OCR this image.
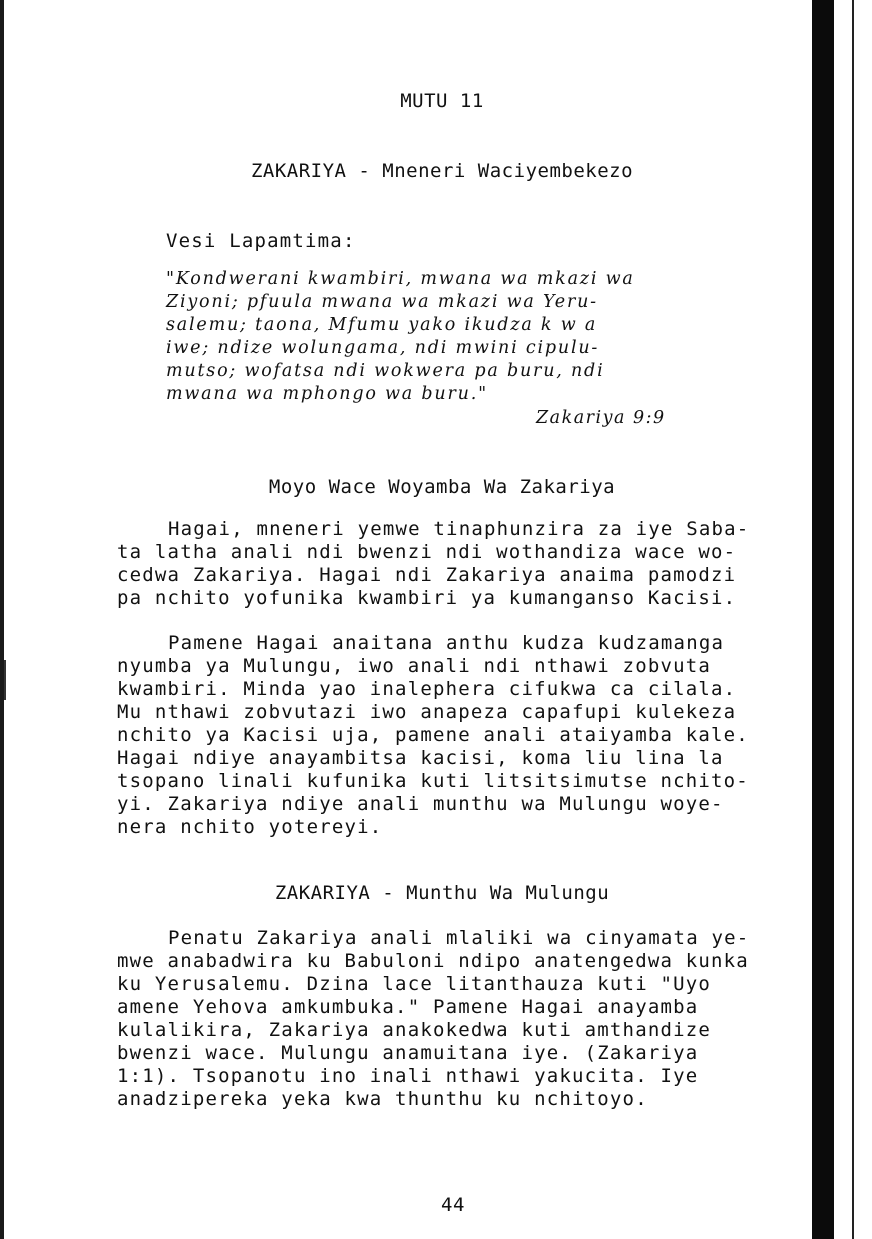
MUTU 11
ZAKARIYA - Mneneri Waciyembekezo
Vesi Lapamtima:
"Kondwerani kwambiri, mwana wa mkazi wa
Ziyoni; pfuula mwana wa mkazi wa Yeru-
salemu; taona, Mfumu yako ikudza k w a
iwe; ndize wolungama, ndi mwini cipulu-
mutso; wofatsa ndi wokwera pa buru, ndi
mwana wa mphongo wa buru."
Zakariya 9:9
Moyo Wace Woyamba Wa Zakariya
Hagai, mneneri yemwe tinaphunzira za iye Saba-
ta latha anali ndi bwenzi ndi wothandiza wace wo-
cedwa Zakariya. Hagai ndi Zakariya anaima pamodzi
pa nchito yofunika kwambiri ya kumanganso Kacisi.
Pamene Hagai anaitana anthu kudza kudzamanga
nyumba ya Mulungu, iwo anali ndi nthawi zobvuta
kwambiri. Minda yao inalephera cifukwa ca cilala.
Mu nthawi zobvutazi iwo anapeza capafupi kulekeza
nchito ya Kacisi uja, pamene anali ataiyamba kale.
Hagai ndiye anayambitsa kacisi, koma liu lina la
tsopano linali kufunika kuti litsitsimutse nchito-
yi. Zakariya ndiye anali munthu wa Mulungu woye-
nera nchito yotereyi.
ZAKARIYA - Munthu Wa Mulungu
Penatu Zakariya anali mlaliki wa cinyamata ye-
mwe anabadwira ku Babuloni ndipo anatengedwa kunka
ku Yerusalemu. Dzina lace litanthauza kuti "Uyo
amene Yehova amkumbuka." Pamene Hagai anayamba
kulalikira, Zakariya anakokedwa kuti amthandize
bwenzi wace. Mulungu anamuitana iye. (Zakariya
1:1). Tsopanotu ino inali nthawi yakucita. Iye
anadzipereka yeka kwa thunthu ku nchitoyo.
44
